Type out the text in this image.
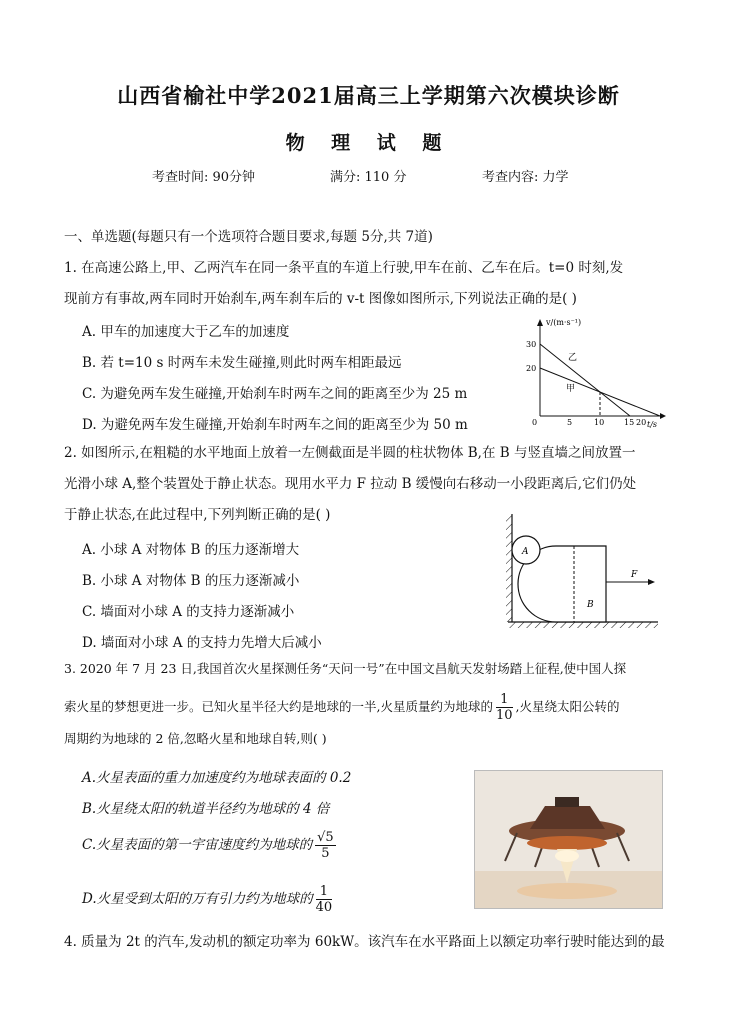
山西省榆社中学2021届高三上学期第六次模块诊断
物 理 试 题
考查时间: 90分钟	满分: 110 分	考查内容: 力学
一、单选题(每题只有一个选项符合题目要求,每题 5分,共 7道)
1. 在高速公路上,甲、乙两汽车在同一条平直的车道上行驶,甲车在前、乙车在后。t=0 时刻,发
现前方有事故,两车同时开始刹车,两车刹车后的 v-t 图像如图所示,下列说法正确的是( )
A. 甲车的加速度大于乙车的加速度
B. 若 t=10 s 时两车未发生碰撞,则此时两车相距最远
C. 为避免两车发生碰撞,开始刹车时两车之间的距离至少为 25 m
D. 为避免两车发生碰撞,开始刹车时两车之间的距离至少为 50 m
v/(m·s⁻¹)
t/s
30
20
0	5	10 15 20
乙
甲
2. 如图所示,在粗糙的水平地面上放着一左侧截面是半圆的柱状物体 B,在 B 与竖直墙之间放置一
光滑小球 A,整个装置处于静止状态。现用水平力 F 拉动 B 缓慢向右移动一小段距离后,它们仍处
于静止状态,在此过程中,下列判断正确的是( )
A. 小球 A 对物体 B 的压力逐渐增大
B. 小球 A 对物体 B 的压力逐渐减小
C. 墙面对小球 A 的支持力逐渐减小
D. 墙面对小球 A 的支持力先增大后减小
A
B
F
3. 2020 年 7 月 23 日,我国首次火星探测任务“天问一号”在中国文昌航天发射场踏上征程,使中国人探
索火星的梦想更进一步。已知火星半径大约是地球的一半,火星质量约为地球的 $\frac{1}{10}$ ,火星绕太阳公转的
周期约为地球的 2 倍,忽略火星和地球自转,则( )
A.火星表面的重力加速度约为地球表面的 0.2
B.火星绕太阳的轨道半径约为地球的 4 倍
C.火星表面的第一宇宙速度约为地球的 $\frac{√5}{5}$
D.火星受到太阳的万有引力约为地球的 $\frac{1}{40}$
4. 质量为 2t 的汽车,发动机的额定功率为 60kW。该汽车在水平路面上以额定功率行驶时能达到的最
